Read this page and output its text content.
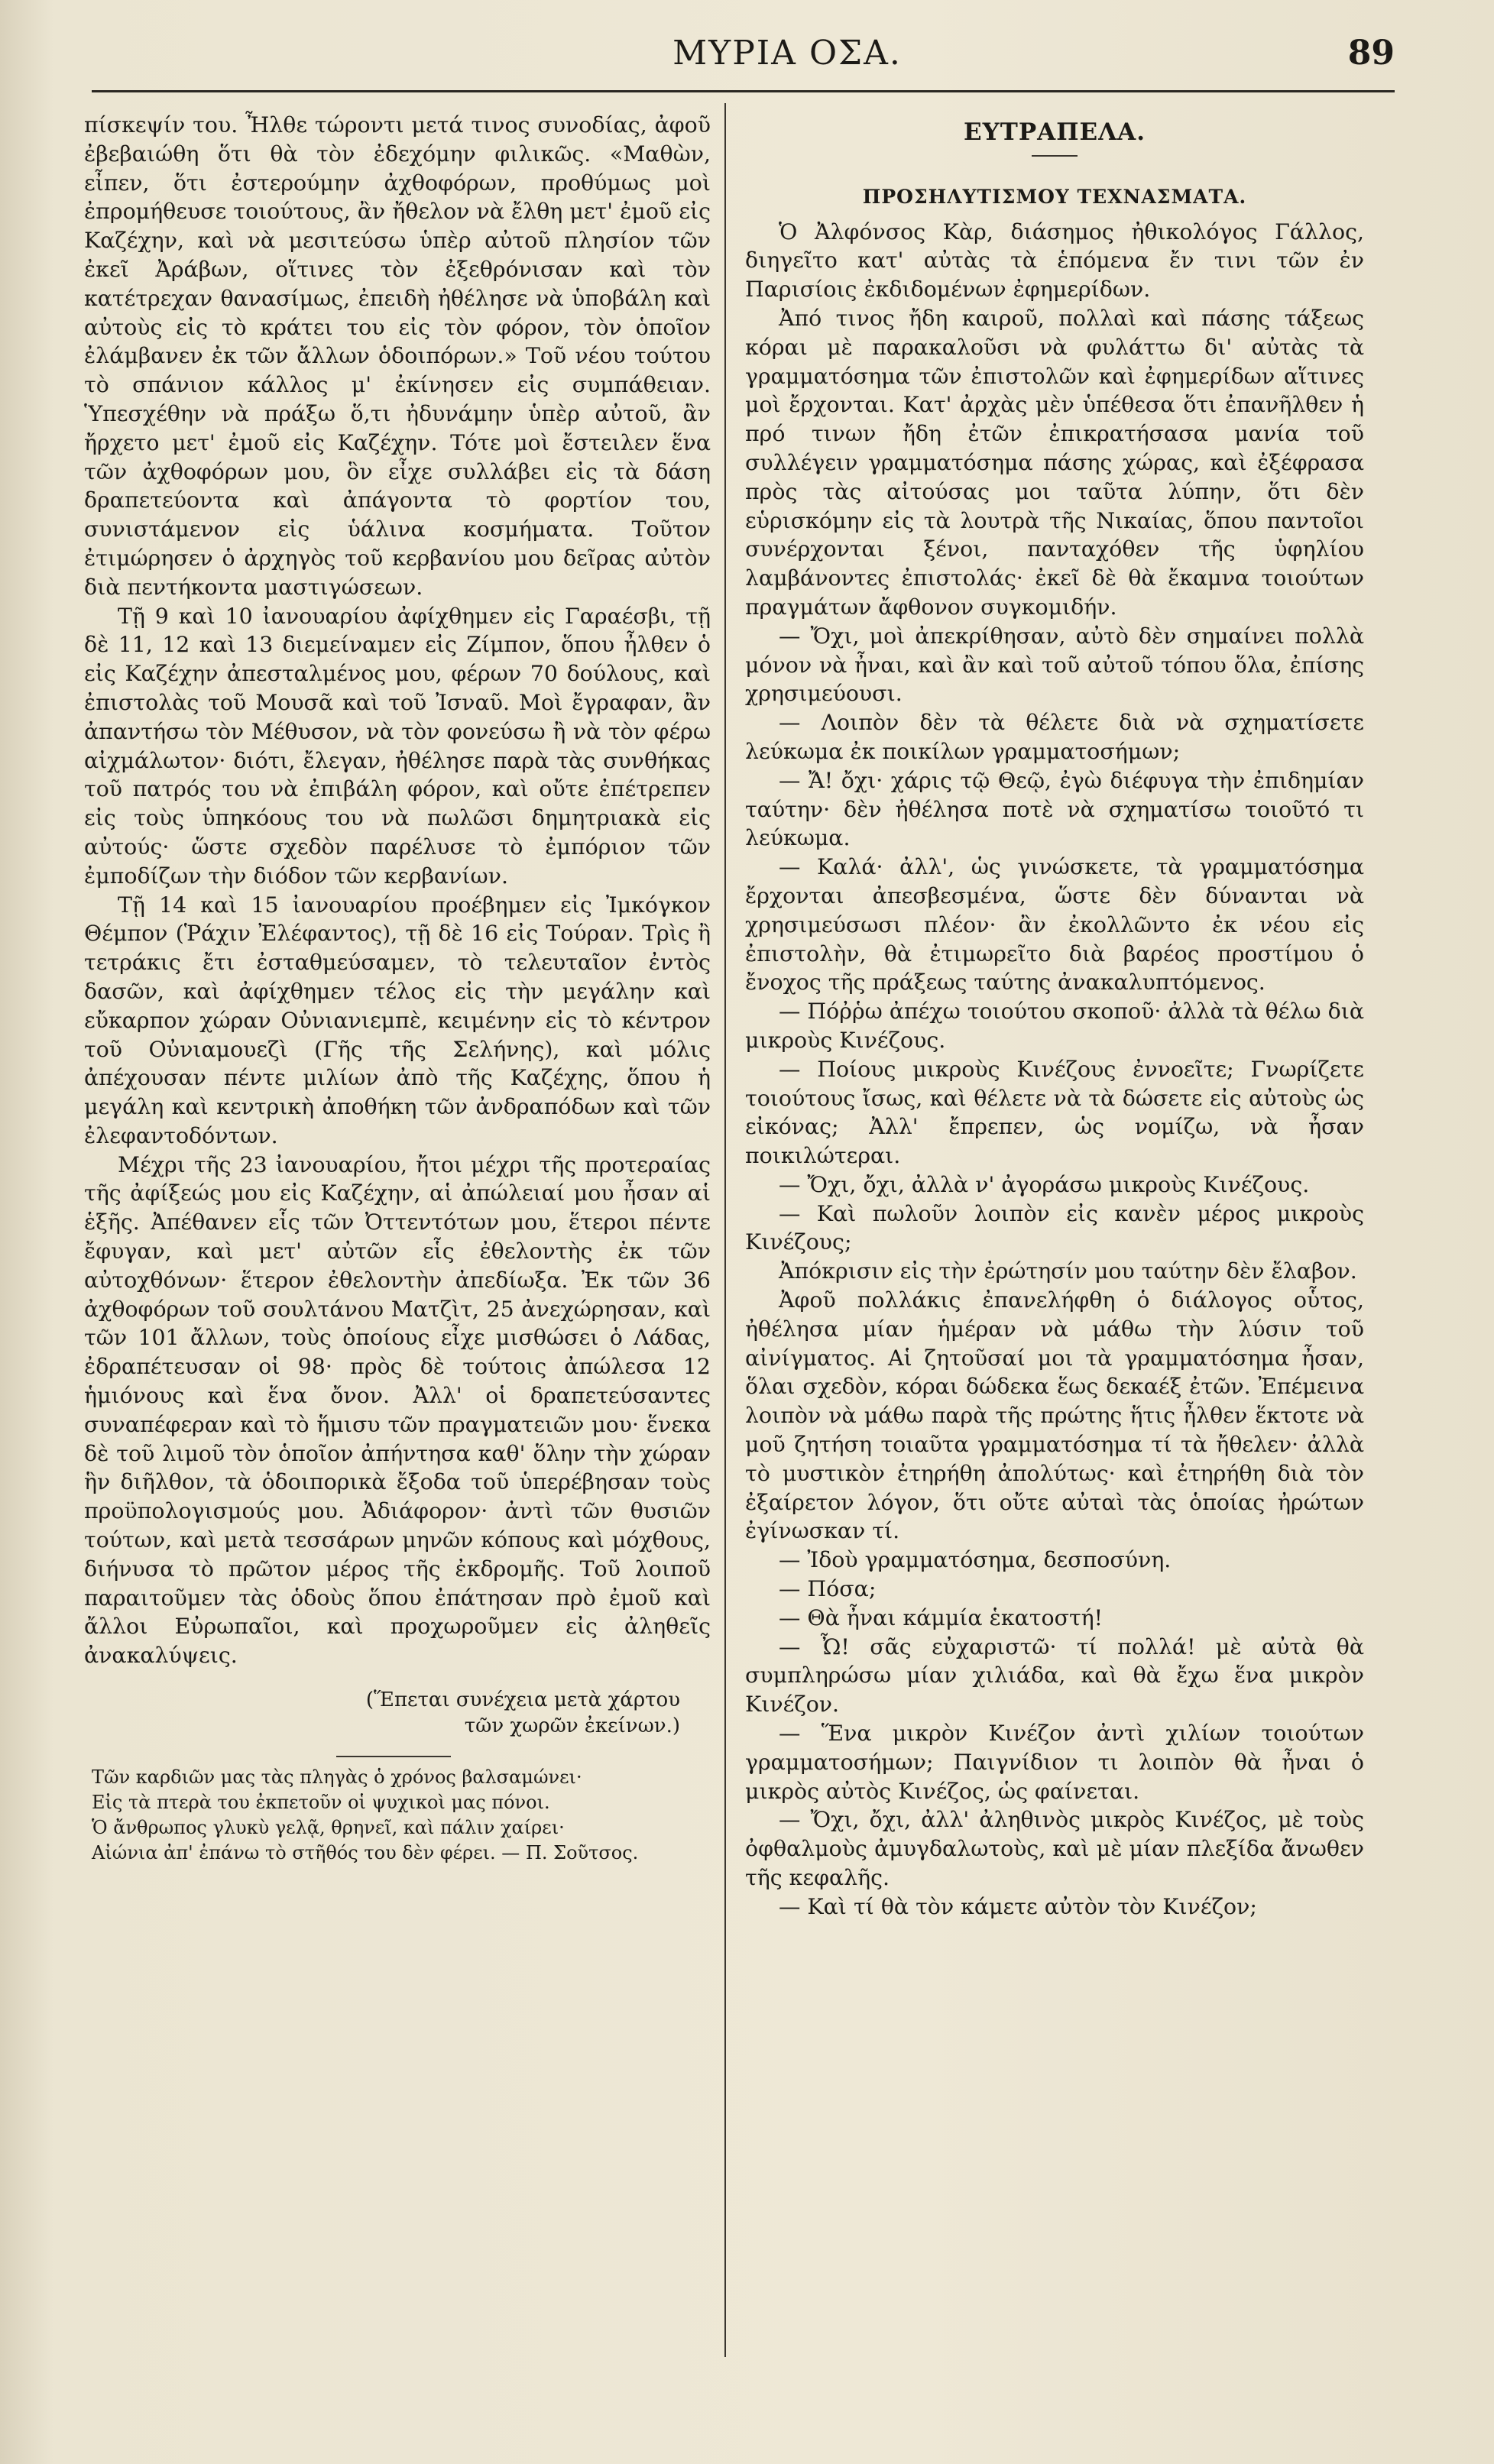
ΜΥΡΙΑ ΟΣΑ.	89

πίσκεψίν του. Ἦλθε τώροντι μετά τινος συνοδίας, ἀφοῦ ἐβεβαιώθη ὅτι θὰ τὸν ἐδεχόμην φιλικῶς. «Μαθὼν, εἶπεν, ὅτι ἐστερούμην ἀχθοφόρων, προθύμως μοὶ ἐπρομήθευσε τοιούτους, ἂν ἤθελον νὰ ἔλθη μετ' ἐμοῦ εἰς Καζέχην, καὶ νὰ μεσιτεύσω ὑπὲρ αὐτοῦ πλησίον τῶν ἐκεῖ Ἀράβων, οἵτινες τὸν ἐξεθρόνισαν καὶ τὸν κατέτρεχαν θανασίμως, ἐπειδὴ ἠθέλησε νὰ ὑποβάλη καὶ αὐτοὺς εἰς τὸ κράτει του εἰς τὸν φόρον, τὸν ὁποῖον ἐλάμβανεν ἐκ τῶν ἄλλων ὁδοιπόρων.» Τοῦ νέου τούτου τὸ σπάνιον κάλλος μ' ἐκίνησεν εἰς συμπάθειαν. Ὑπεσχέθην νὰ πράξω ὅ,τι ἠδυνάμην ὑπὲρ αὐτοῦ, ἂν ἤρχετο μετ' ἐμοῦ εἰς Καζέχην. Τότε μοὶ ἔστειλεν ἕνα τῶν ἀχθοφόρων μου, ὃν εἶχε συλλάβει εἰς τὰ δάση δραπετεύοντα καὶ ἀπάγοντα τὸ φορτίον του, συνιστάμενον εἰς ὑάλινα κοσμήματα. Τοῦτον ἐτιμώρησεν ὁ ἀρχηγὸς τοῦ κερβανίου μου δεῖρας αὐτὸν διὰ πεντήκοντα μαστιγώσεων.

Τῇ 9 καὶ 10 ἰανουαρίου ἀφίχθημεν εἰς Γαραέσβι, τῇ δὲ 11, 12 καὶ 13 διεμείναμεν εἰς Ζίμπον, ὅπου ἦλθεν ὁ εἰς Καζέχην ἀπεσταλμένος μου, φέρων 70 δούλους, καὶ ἐπιστολὰς τοῦ Μουσᾶ καὶ τοῦ Ἰσναῦ. Μοὶ ἔγραφαν, ἂν ἀπαντήσω τὸν Μέθυσον, νὰ τὸν φονεύσω ἢ νὰ τὸν φέρω αἰχμάλωτον· διότι, ἔλεγαν, ἠθέλησε παρὰ τὰς συνθήκας τοῦ πατρός του νὰ ἐπιβάλη φόρον, καὶ οὔτε ἐπέτρεπεν εἰς τοὺς ὑπηκόους του νὰ πωλῶσι δημητριακὰ εἰς αὐτούς· ὥστε σχεδὸν παρέλυσε τὸ ἐμπόριον τῶν ἐμποδίζων τὴν διόδον τῶν κερβανίων.

Τῇ 14 καὶ 15 ἰανουαρίου προέβημεν εἰς Ἰμκόγκον Θέμπον (Ῥάχιν Ἐλέφαντος), τῇ δὲ 16 εἰς Τούραν. Τρὶς ἢ τετράκις ἔτι ἐσταθμεύσαμεν, τὸ τελευταῖον ἐντὸς δασῶν, καὶ ἀφίχθημεν τέλος εἰς τὴν μεγάλην καὶ εὔκαρπον χώραν Οὐνιανιεμπὲ, κειμένην εἰς τὸ κέντρον τοῦ Οὐνιαμουεζὶ (Γῆς τῆς Σελήνης), καὶ μόλις ἀπέχουσαν πέντε μιλίων ἀπὸ τῆς Καζέχης, ὅπου ἡ μεγάλη καὶ κεντρικὴ ἀποθήκη τῶν ἀνδραπόδων καὶ τῶν ἐλεφαντοδόντων.

Μέχρι τῆς 23 ἰανουαρίου, ἤτοι μέχρι τῆς προτεραίας τῆς ἀφίξεώς μου εἰς Καζέχην, αἱ ἀπώλειαί μου ἦσαν αἱ ἑξῆς. Ἀπέθανεν εἷς τῶν Ὀττεντότων μου, ἕτεροι πέντε ἔφυγαν, καὶ μετ' αὐτῶν εἷς ἐθελοντὴς ἐκ τῶν αὐτοχθόνων· ἕτερον ἐθελοντὴν ἀπεδίωξα. Ἐκ τῶν 36 ἀχθοφόρων τοῦ σουλτάνου Ματζὶτ, 25 ἀνεχώρησαν, καὶ τῶν 101 ἄλλων, τοὺς ὁποίους εἶχε μισθώσει ὁ Λάδας, ἐδραπέτευσαν οἱ 98· πρὸς δὲ τούτοις ἀπώλεσα 12 ἡμιόνους καὶ ἕνα ὄνον. Ἀλλ' οἱ δραπετεύσαντες συναπέφεραν καὶ τὸ ἥμισυ τῶν πραγματειῶν μου· ἕνεκα δὲ τοῦ λιμοῦ τὸν ὁποῖον ἀπήντησα καθ' ὅλην τὴν χώραν ἣν διῆλθον, τὰ ὁδοιπορικὰ ἔξοδα τοῦ ὑπερέβησαν τοὺς προϋπολογισμούς μου. Ἀδιάφορον· ἀντὶ τῶν θυσιῶν τούτων, καὶ μετὰ τεσσάρων μηνῶν κόπους καὶ μόχθους, διήνυσα τὸ πρῶτον μέρος τῆς ἐκδρομῆς. Τοῦ λοιποῦ παραιτοῦμεν τὰς ὁδοὺς ὅπου ἐπάτησαν πρὸ ἐμοῦ καὶ ἄλλοι Εὐρωπαῖοι, καὶ προχωροῦμεν εἰς ἀληθεῖς ἀνακαλύψεις.

(Ἕπεται συνέχεια μετὰ χάρτου
τῶν χωρῶν ἐκείνων.)
Τῶν καρδιῶν μας τὰς πληγὰς ὁ χρόνος βαλσαμώνει·
Εἰς τὰ πτερὰ του ἐκπετοῦν οἱ ψυχικοὶ μας πόνοι.
Ὁ ἄνθρωπος γλυκὺ γελᾷ, θρηνεῖ, καὶ πάλιν χαίρει·
Αἰώνια ἀπ' ἐπάνω τὸ στῆθός του δὲν φέρει. — Π. Σοῦτσος.
ΕΥΤΡΑΠΕΛΑ.
ΠΡΟΣΗΛΥΤΙΣΜΟΥ ΤΕΧΝΑΣΜΑΤΑ.

Ὁ Ἀλφόνσος Κὰρ, διάσημος ἠθικολόγος Γάλλος, διηγεῖτο κατ' αὐτὰς τὰ ἑπόμενα ἔν τινι τῶν ἐν Παρισίοις ἐκδιδομένων ἐφημερίδων.

Ἀπό τινος ἤδη καιροῦ, πολλαὶ καὶ πάσης τάξεως κόραι μὲ παρακαλοῦσι νὰ φυλάττω δι' αὐτὰς τὰ γραμματόσημα τῶν ἐπιστολῶν καὶ ἐφημερίδων αἵτινες μοὶ ἔρχονται. Κατ' ἀρχὰς μὲν ὑπέθεσα ὅτι ἐπανῆλθεν ἡ πρό τινων ἤδη ἐτῶν ἐπικρατήσασα μανία τοῦ συλλέγειν γραμματόσημα πάσης χώρας, καὶ ἐξέφρασα πρὸς τὰς αἰτούσας μοι ταῦτα λύπην, ὅτι δὲν εὑρισκόμην εἰς τὰ λουτρὰ τῆς Νικαίας, ὅπου παντοῖοι συνέρχονται ξένοι, πανταχόθεν τῆς ὑφηλίου λαμβάνοντες ἐπιστολάς· ἐκεῖ δὲ θὰ ἔκαμνα τοιούτων πραγμάτων ἄφθονον συγκομιδήν.

— Ὄχι, μοὶ ἀπεκρίθησαν, αὐτὸ δὲν σημαίνει πολλὰ μόνον νὰ ἦναι, καὶ ἂν καὶ τοῦ αὐτοῦ τόπου ὅλα, ἐπίσης χρησιμεύουσι.

— Λοιπὸν δὲν τὰ θέλετε διὰ νὰ σχηματίσετε λεύκωμα ἐκ ποικίλων γραμματοσήμων;

— Ἄ! ὄχι· χάρις τῷ Θεῷ, ἐγὼ διέφυγα τὴν ἐπιδημίαν ταύτην· δὲν ἠθέλησα ποτὲ νὰ σχηματίσω τοιοῦτό τι λεύκωμα.

— Καλά· ἀλλ', ὡς γινώσκετε, τὰ γραμματόσημα ἔρχονται ἀπεσβεσμένα, ὥστε δὲν δύνανται νὰ χρησιμεύσωσι πλέον· ἂν ἐκολλῶντο ἐκ νέου εἰς ἐπιστολὴν, θὰ ἐτιμωρεῖτο διὰ βαρέος προστίμου ὁ ἔνοχος τῆς πράξεως ταύτης ἀνακαλυπτόμενος.

— Πόῤῥω ἀπέχω τοιούτου σκοποῦ· ἀλλὰ τὰ θέλω διὰ μικροὺς Κινέζους.

— Ποίους μικροὺς Κινέζους ἐννοεῖτε; Γνωρίζετε τοιούτους ἴσως, καὶ θέλετε νὰ τὰ δώσετε εἰς αὐτοὺς ὡς εἰκόνας; Ἀλλ' ἔπρεπεν, ὡς νομίζω, νὰ ἦσαν ποικιλώτεραι.

— Ὄχι, ὄχι, ἀλλὰ ν' ἀγοράσω μικροὺς Κινέζους.

— Καὶ πωλοῦν λοιπὸν εἰς κανὲν μέρος μικροὺς Κινέζους;

Ἀπόκρισιν εἰς τὴν ἐρώτησίν μου ταύτην δὲν ἔλαβον.

Ἀφοῦ πολλάκις ἐπανελήφθη ὁ διάλογος οὗτος, ἠθέλησα μίαν ἡμέραν νὰ μάθω τὴν λύσιν τοῦ αἰνίγματος. Αἱ ζητοῦσαί μοι τὰ γραμματόσημα ἦσαν, ὅλαι σχεδὸν, κόραι δώδεκα ἕως δεκαέξ ἐτῶν. Ἐπέμεινα λοιπὸν νὰ μάθω παρὰ τῆς πρώτης ἥτις ἦλθεν ἕκτοτε νὰ μοῦ ζητήση τοιαῦτα γραμματόσημα τί τὰ ἤθελεν· ἀλλὰ τὸ μυστικὸν ἐτηρήθη ἀπολύτως· καὶ ἐτηρήθη διὰ τὸν ἐξαίρετον λόγον, ὅτι οὔτε αὐταὶ τὰς ὁποίας ἠρώτων ἐγίνωσκαν τί.

— Ἰδοὺ γραμματόσημα, δεσποσύνη.

— Πόσα;

— Θὰ ἦναι κάμμία ἑκατοστή!

— Ὦ! σᾶς εὐχαριστῶ· τί πολλά! μὲ αὐτὰ θὰ συμπληρώσω μίαν χιλιάδα, καὶ θὰ ἔχω ἕνα μικρὸν Κινέζον.

— Ἕνα μικρὸν Κινέζον ἀντὶ χιλίων τοιούτων γραμματοσήμων; Παιγνίδιον τι λοιπὸν θὰ ἦναι ὁ μικρὸς αὐτὸς Κινέζος, ὡς φαίνεται.

— Ὄχι, ὄχι, ἀλλ' ἀληθινὸς μικρὸς Κινέζος, μὲ τοὺς ὀφθαλμοὺς ἀμυγδαλωτοὺς, καὶ μὲ μίαν πλεξίδα ἄνωθεν τῆς κεφαλῆς.

— Καὶ τί θὰ τὸν κάμετε αὐτὸν τὸν Κινέζον;
